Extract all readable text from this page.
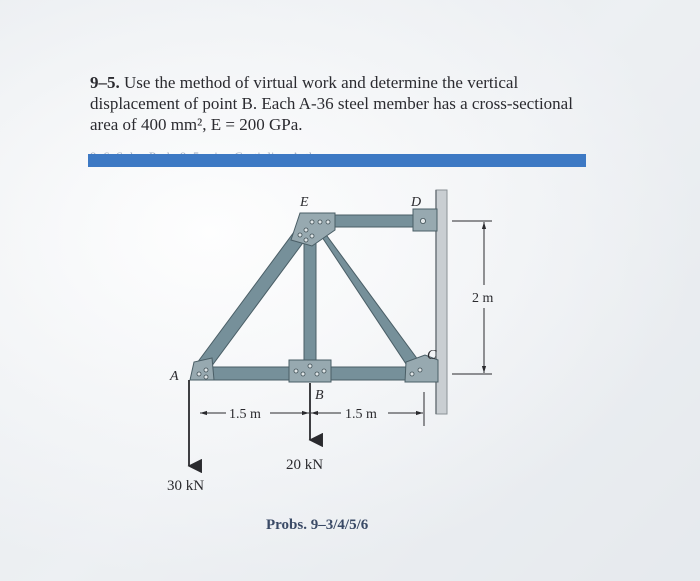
9–5. Use the method of virtual work and determine the vertical displacement of point B. Each A-36 steel member has a cross-sectional area of 400 mm², E = 200 GPa.
A
B
C
D
E
30 kN
20 kN
1.5 m	1.5 m
2 m
Probs. 9–3/4/5/6
